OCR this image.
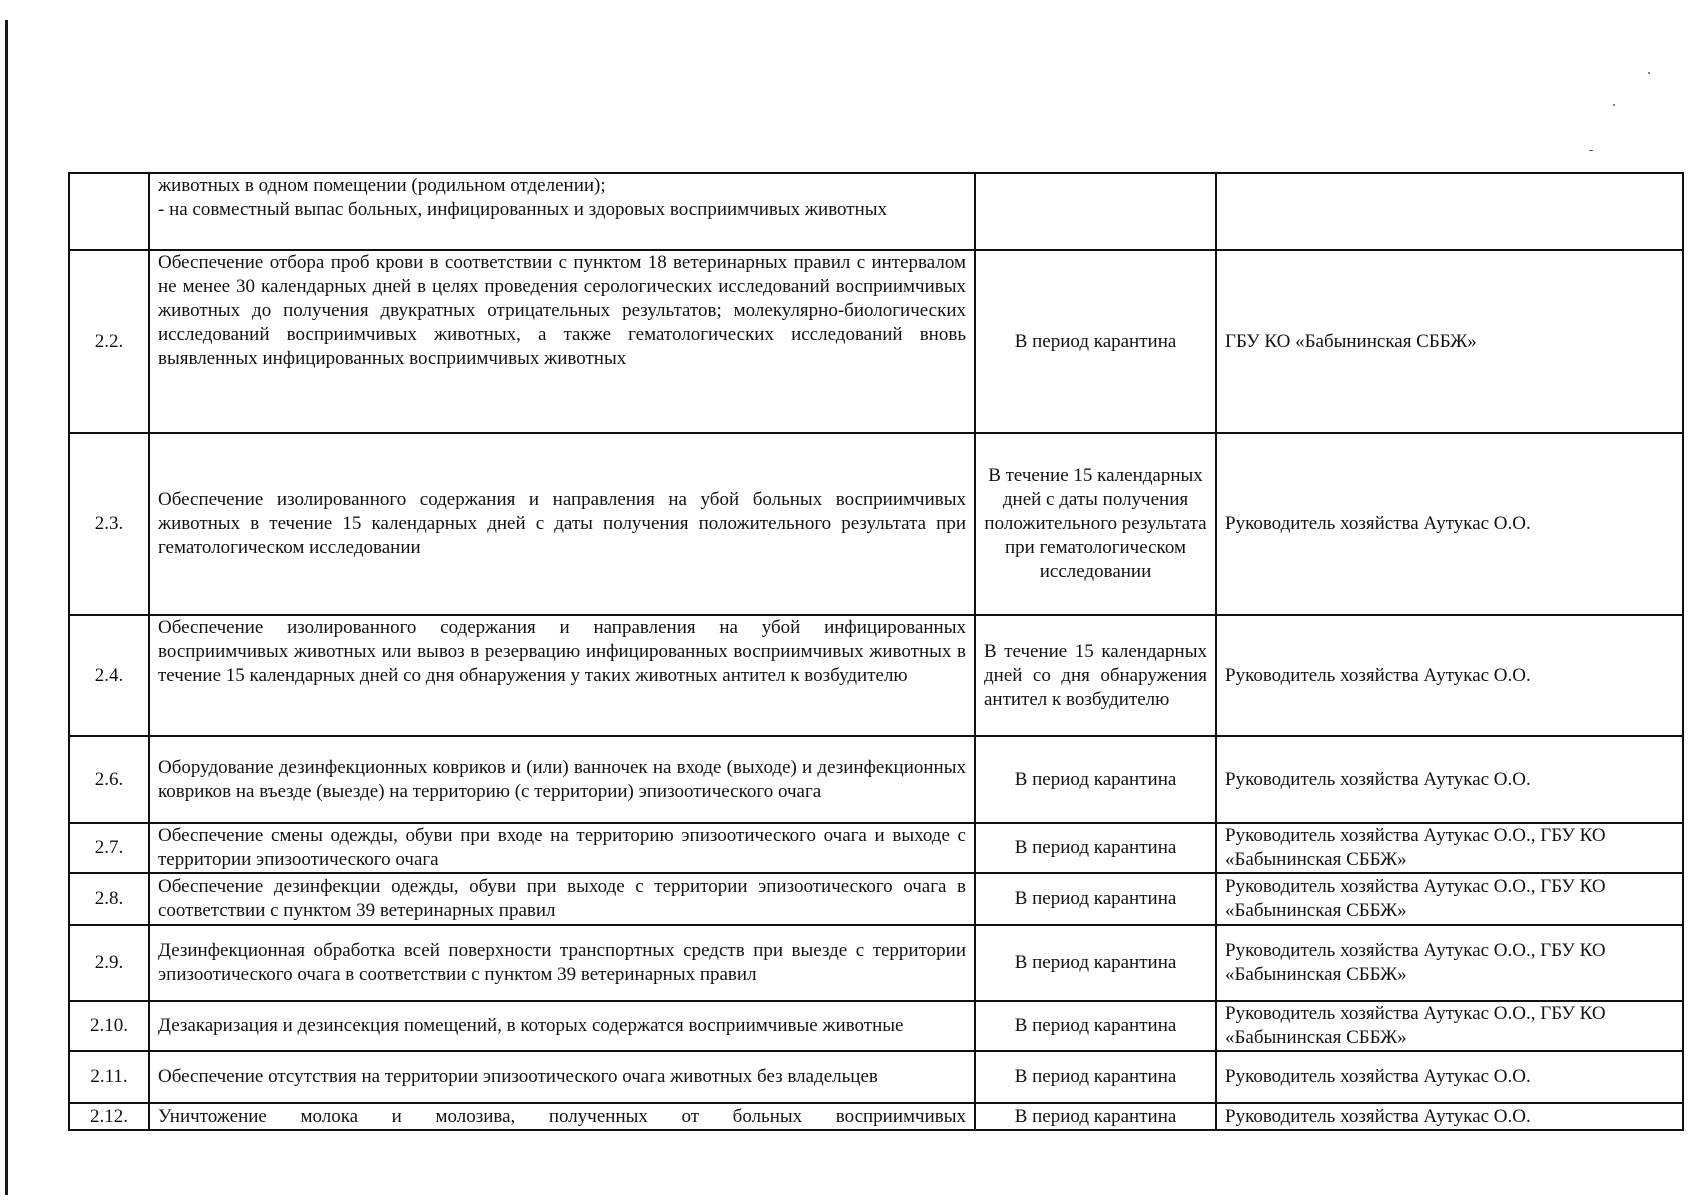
	животных в одном помещении (родильном отделении);
- на совместный выпас больных, инфицированных и здоровых восприимчивых животных		

2.2.	Обеспечение отбора проб крови в соответствии с пунктом 18 ветеринарных правил с интервалом не менее 30 календарных дней в целях проведения серологических исследований восприимчивых животных до получения двукратных отрицательных результатов; молекулярно-биологических исследований восприимчивых животных, а также гематологических исследований вновь выявленных инфицированных восприимчивых животных	В период карантина	ГБУ КО «Бабынинская СББЖ»
2.3.	Обеспечение изолированного содержания и направления на убой больных восприимчивых животных в течение 15 календарных дней с даты получения положительного результата при гематологическом исследовании	В течение 15 календарных дней с даты получения положительного результата при гематологическом исследовании	Руководитель хозяйства Аутукас О.О.
2.4.	Обеспечение изолированного содержания и направления на убой инфицированных восприимчивых животных или вывоз в резервацию инфицированных восприимчивых животных в течение 15 календарных дней со дня обнаружения у таких животных антител к возбудителю	В течение 15 календарных дней со дня обнаружения антител к возбудителю	Руководитель хозяйства Аутукас О.О.
2.6.	Оборудование дезинфекционных ковриков и (или) ванночек на входе (выходе) и дезинфекционных ковриков на въезде (выезде) на территорию (с территории) эпизоотического очага	В период карантина	Руководитель хозяйства Аутукас О.О.
2.7.	Обеспечение смены одежды, обуви при входе на территорию эпизоотического очага и выходе с территории эпизоотического очага	В период карантина	Руководитель хозяйства Аутукас О.О., ГБУ КО «Бабынинская СББЖ»
2.8.	Обеспечение дезинфекции одежды, обуви при выходе с территории эпизоотического очага в соответствии с пунктом 39 ветеринарных правил	В период карантина	Руководитель хозяйства Аутукас О.О., ГБУ КО «Бабынинская СББЖ»
2.9.	Дезинфекционная обработка всей поверхности транспортных средств при выезде с территории эпизоотического очага в соответствии с пунктом 39 ветеринарных правил	В период карантина	Руководитель хозяйства Аутукас О.О., ГБУ КО «Бабынинская СББЖ»
2.10.	Дезакаризация и дезинсекция помещений, в которых содержатся восприимчивые животные	В период карантина	Руководитель хозяйства Аутукас О.О., ГБУ КО «Бабынинская СББЖ»
2.11.	Обеспечение отсутствия на территории эпизоотического очага животных без владельцев	В период карантина	Руководитель хозяйства Аутукас О.О.
2.12.	Уничтожение молока и молозива, полученных от больных восприимчивых	В период карантина	Руководитель хозяйства Аутукас О.О.
